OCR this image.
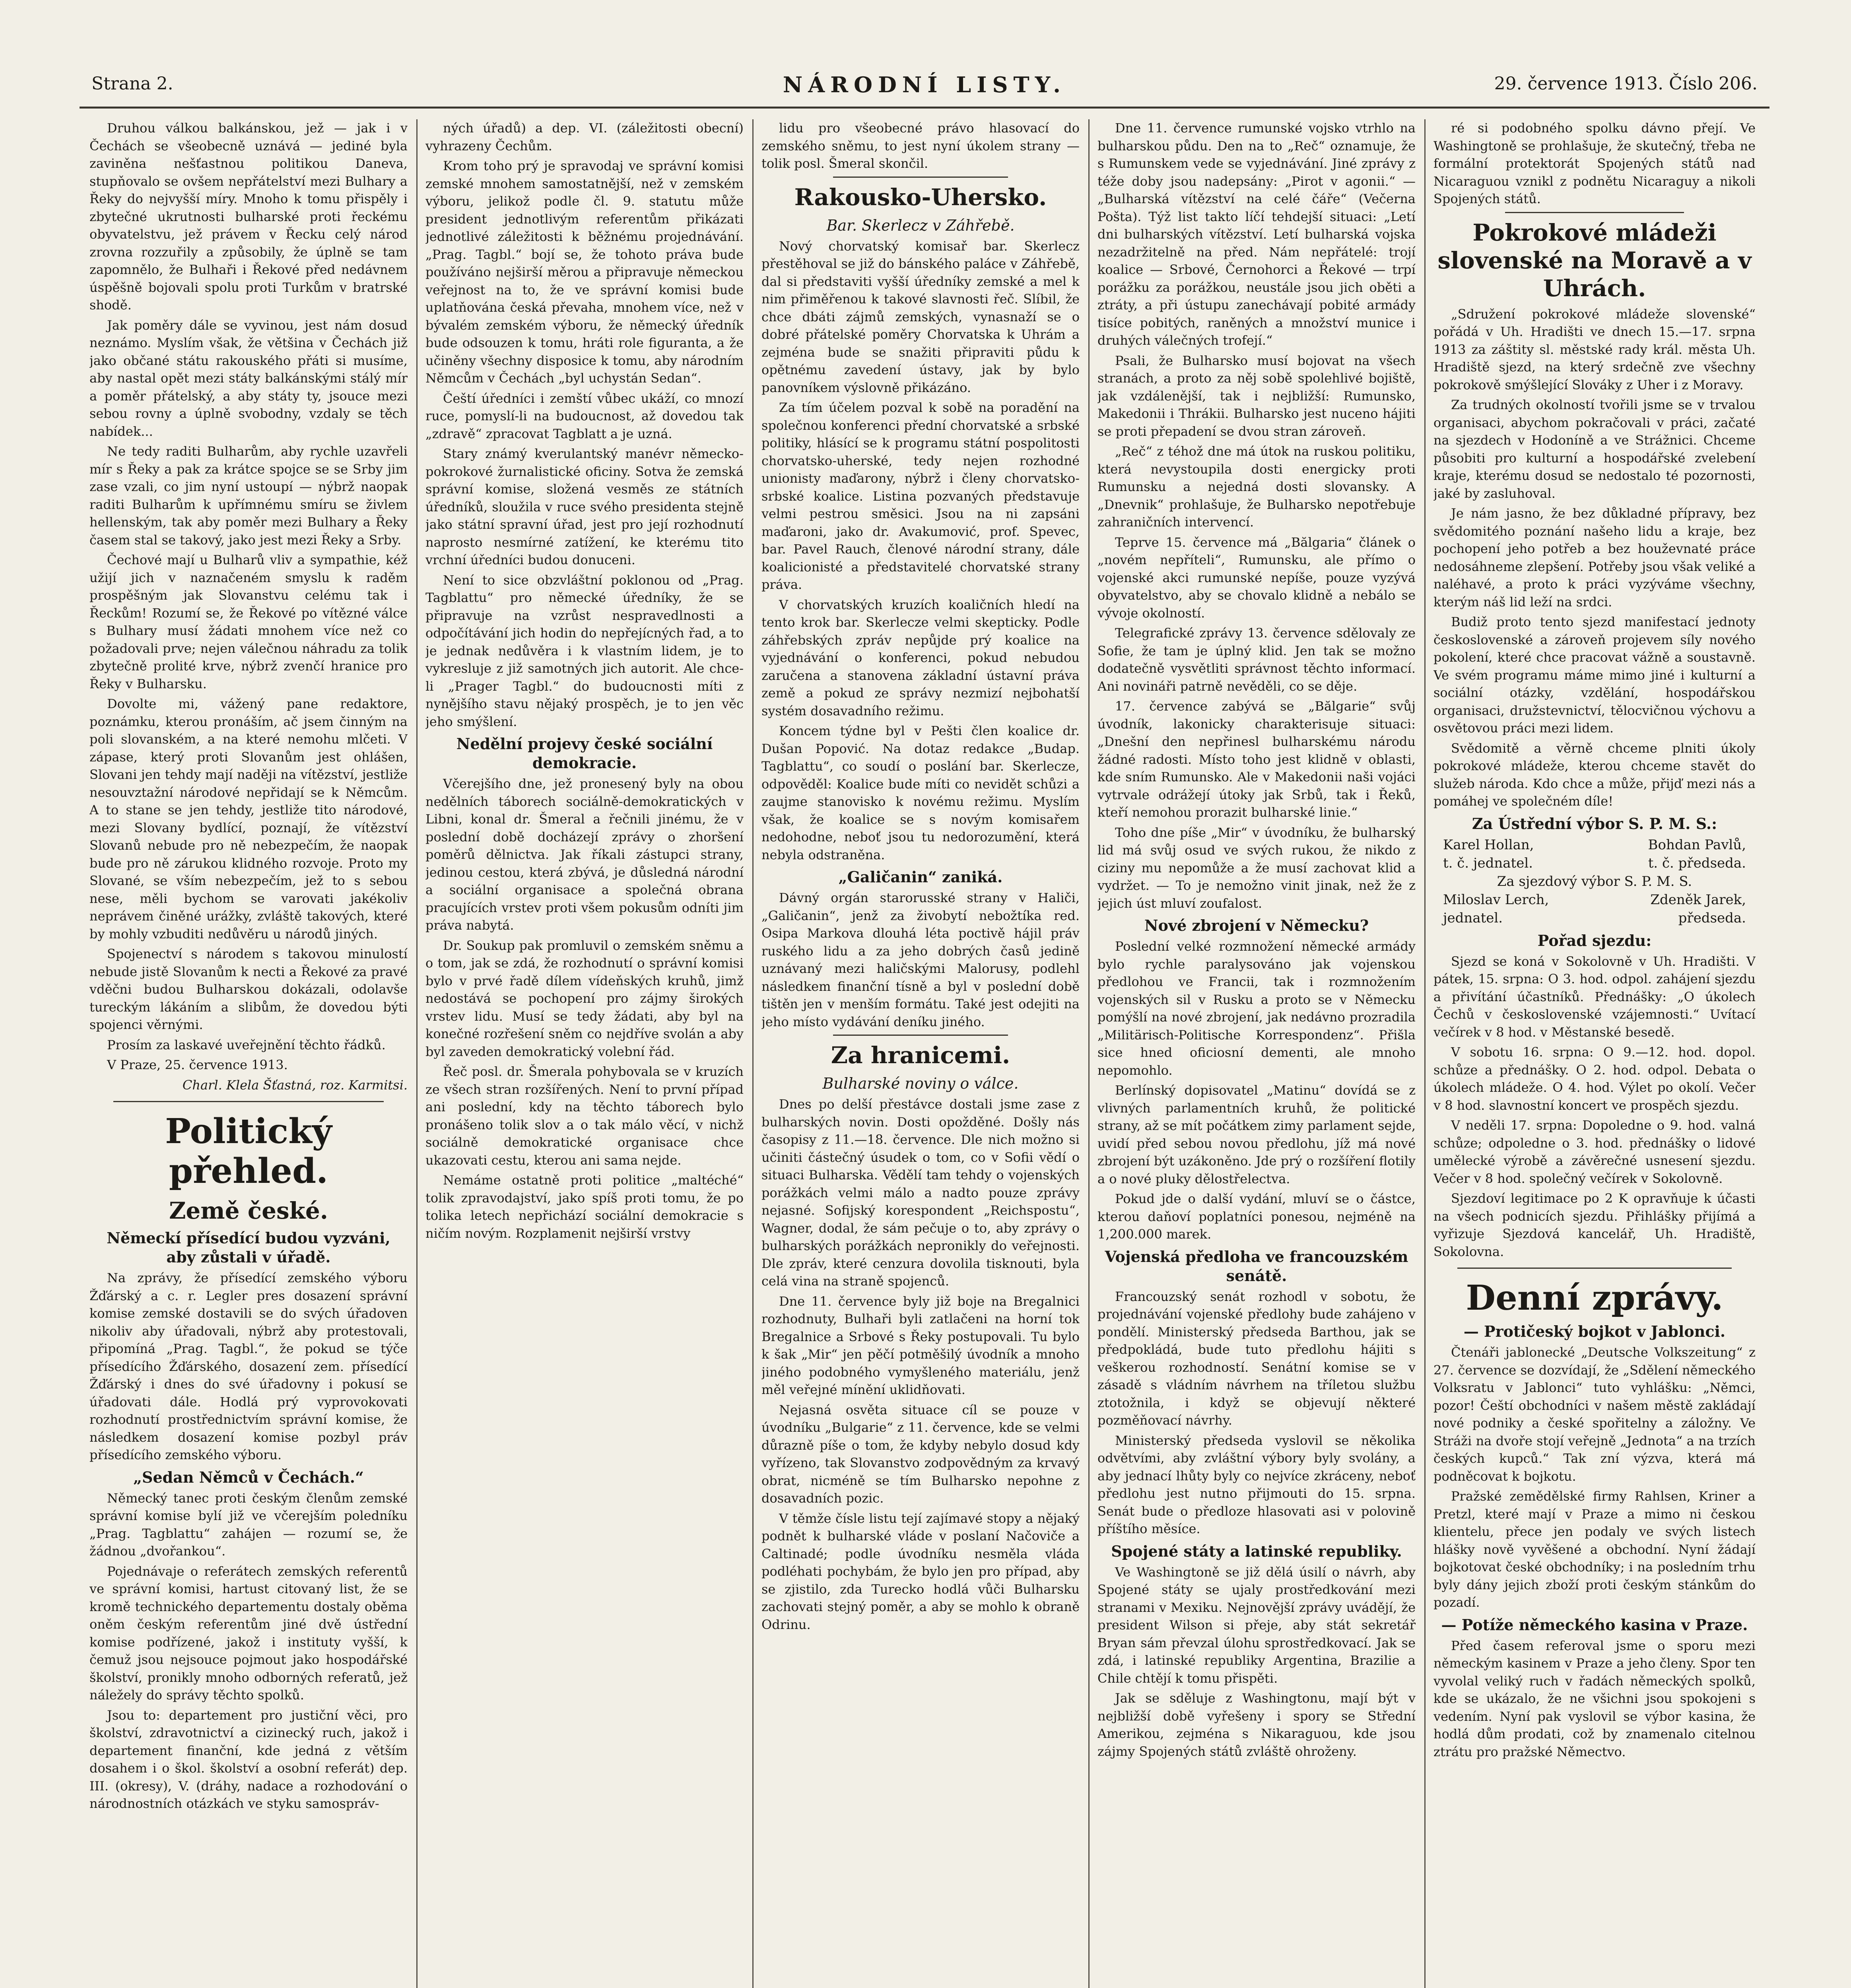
Strana 2.	NÁRODNÍ LISTY.	29. července 1913. Číslo 206.

Druhou válkou balkánskou, jež — jak i v Čechách se všeobecně uznává — jediné byla zaviněna nešťastnou politikou Daneva, stupňovalo se ovšem nepřátelství mezi Bulhary a Řeky do nejvyšší míry. Mnoho k tomu přispěly i zbytečné ukrutnosti bulharské proti řeckému obyvatelstvu, jež právem v Řecku celý národ zrovna rozzuřily a způsobily, že úplně se tam zapomnělo, že Bulhaři i Řekové před nedávnem úspěšně bojovali spolu proti Turkům v bratrské shodě.

Jak poměry dále se vyvinou, jest nám dosud neznámo. Myslím však, že většina v Čechách již jako občané státu rakouského přáti si musíme, aby nastal opět mezi státy balkánskými stálý mír a poměr přátelský, a aby státy ty, jsouce mezi sebou rovny a úplně svobodny, vzdaly se těch nabídek...

Ne tedy raditi Bulharům, aby rychle uzavřeli mír s Řeky a pak za krátce spojce se se Srby jim zase vzali, co jim nyní ustoupí — nýbrž naopak raditi Bulharům k upřímnému smíru se živlem hellenským, tak aby poměr mezi Bulhary a Řeky časem stal se takový, jako jest mezi Řeky a Srby.

Čechové mají u Bulharů vliv a sympathie, kéž užijí jich v naznačeném smyslu k raděm prospěšným jak Slovanstvu celému tak i Řeckům! Rozumí se, že Řekové po vítězné válce s Bulhary musí žádati mnohem více než co požadovali prve; nejen válečnou náhradu za tolik zbytečně prolité krve, nýbrž zvenčí hranice pro Řeky v Bulharsku.

Dovolte mi, vážený pane redaktore, poznámku, kterou pronáším, ač jsem činným na poli slovanském, a na které nemohu mlčeti. V zápase, který proti Slovanům jest ohlášen, Slovani jen tehdy mají naději na vítězství, jestliže nesouvztažní národové nepřidají se k Němcům. A to stane se jen tehdy, jestliže tito národové, mezi Slovany bydlící, poznají, že vítězství Slovanů nebude pro ně nebezpečím, že naopak bude pro ně zárukou klidného rozvoje. Proto my Slované, se vším nebezpečím, jež to s sebou nese, měli bychom se varovati jakékoliv neprávem činěné urážky, zvláště takových, které by mohly vzbuditi nedůvěru u národů jiných.

Spojenectví s národem s takovou minulostí nebude jistě Slovanům k necti a Řekové za pravé vděčni budou Bulharskou dokázali, odolavše tureckým lákáním a slibům, že dovedou býti spojenci věrnými.

Prosím za laskavé uveřejnění těchto řádků.

V Praze, 25. července 1913.

Charl. Klela Šťastná, roz. Karmitsi.
Politický přehled.
Země české.
Německí přísedící budou vyzváni, aby zůstali v úřadě.

Na zprávy, že přísedící zemského výboru Žďárský a c. r. Legler pres dosazení správní komise zemské dostavili se do svých úřadoven nikoliv aby úřadovali, nýbrž aby protestovali, připomíná „Prag. Tagbl.“, že pokud se týče přísedícího Žďárského, dosazení zem. přísedící Žďárský i dnes do své úřadovny i pokusí se úřadovati dále. Hodlá prý vyprovokovati rozhodnutí prostřednictvím správní komise, že následkem dosazení komise pozbyl práv přísedícího zemského výboru.

„Sedan Němců v Čechách.“

Německý tanec proti českým členům zemské správní komise bylí již ve včerejším poledníku „Prag. Tagblattu“ zahájen — rozumí se, že žádnou „dvořankou“.

Pojednávaje o referátech zemských referentů ve správní komisi, hartust citovaný list, že se kromě technického departementu dostaly oběma oněm českým referentům jiné dvě ústřední komise podřízené, jakož i instituty vyšší, k čemuž jsou nejsouce pojmout jako hospodářské školství, pronikly mnoho odborných referatů, jež náležely do správy těchto spolků.

Jsou to: departement pro justiční věci, pro školství, zdravotnictví a cizinecký ruch, jakož i departement finanční, kde jedná z větším dosahem i o škol. školství a osobní referát) dep. III. (okresy), V. (dráhy, nadace a rozhodování o národnostních otázkách ve styku samospráv-

ných úřadů) a dep. VI. (záležitosti obecní) vyhrazeny Čechům.

Krom toho prý je spravodaj ve správní komisi zemské mnohem samostatnější, než v zemském výboru, jelikož podle čl. 9. statutu může president jednotlivým referentům přikázati jednotlivé záležitosti k běžnému projednávání. „Prag. Tagbl.“ bojí se, že tohoto práva bude používáno nejširší měrou a připravuje německou veřejnost na to, že ve správní komisi bude uplatňována česká převaha, mnohem více, než v bývalém zemském výboru, že německý úředník bude odsouzen k tomu, hráti role figuranta, a že učiněny všechny disposice k tomu, aby národním Němcům v Čechách „byl uchystán Sedan“.

Čeští úředníci i zemští vůbec ukáží, co mnozí ruce, pomyslí-li na budoucnost, až dovedou tak „zdravě“ zpracovat Tagblatt a je uzná.

Stary známý kverulantský manévr německo-pokrokové žurnalistické oficiny. Sotva že zemská správní komise, složená vesměs ze státních úředníků, sloužila v ruce svého presidenta stejně jako státní spravní úřad, jest pro její rozhodnutí naprosto nesmírné zatížení, ke kterému tito vrchní úředníci budou donuceni.

Není to sice obzvláštní poklonou od „Prag. Tagblattu“ pro německé úředníky, že se připravuje na vzrůst nespravedlnosti a odpočítávání jich hodin do nepřejícných řad, a to je jednak nedůvěra i k vlastním lidem, je to vykresluje z již samotných jich autorit. Ale chce-li „Prager Tagbl.“ do budoucnosti míti z nynějšího stavu nějaký prospěch, je to jen věc jeho smýšlení.

Nedělní projevy české sociální demokracie.

Včerejšího dne, jež pronesený byly na obou nedělních táborech sociálně-demokratických v Libni, konal dr. Šmeral a řečnili jinému, že v poslední době docházejí zprávy o zhoršení poměrů dělnictva. Jak říkali zástupci strany, jedinou cestou, která zbývá, je důsledná národní a sociální organisace a společná obrana pracujících vrstev proti všem pokusům odníti jim práva nabytá.

Dr. Soukup pak promluvil o zemském sněmu a o tom, jak se zdá, že rozhodnutí o správní komisi bylo v prvé řadě dílem vídeňských kruhů, jimž nedostává se pochopení pro zájmy širokých vrstev lidu. Musí se tedy žádati, aby byl na konečné rozřešení sněm co nejdříve svolán a aby byl zaveden demokratický volební řád.

Řeč posl. dr. Šmerala pohybovala se v kruzích ze všech stran rozšířených. Není to první případ ani poslední, kdy na těchto táborech bylo pronášeno tolik slov a o tak málo věcí, v nichž sociálně demokratické organisace chce ukazovati cestu, kterou ani sama nejde.

Nemáme ostatně proti politice „maltéché“ tolik zpravodajství, jako spíš proti tomu, že po tolika letech nepřichází sociální demokracie s ničím novým. Rozplamenit nejširší vrstvy

lidu pro všeobecné právo hlasovací do zemského sněmu, to jest nyní úkolem strany — tolik posl. Šmeral skončil.

Rakousko-Uhersko.
Bar. Skerlecz v Záhřebě.

Nový chorvatský komisař bar. Skerlecz přestěhoval se již do bánského paláce v Záhřebě, dal si představiti vyšší úředníky zemské a mel k nim přiměřenou k takové slavnosti řeč. Slíbil, že chce dbáti zájmů zemských, vynasnaží se o dobré přátelské poměry Chorvatska k Uhrám a zejména bude se snažiti připraviti půdu k opětnému zavedení ústavy, jak by bylo panovníkem výslovně přikázáno.

Za tím účelem pozval k sobě na poradění na společnou konferenci přední chorvatské a srbské politiky, hlásící se k programu státní pospolitosti chorvatsko-uherské, tedy nejen rozhodné unionisty maďarony, nýbrž i členy chorvatsko-srbské koalice. Listina pozvaných představuje velmi pestrou směsici. Jsou na ni zapsáni maďaroni, jako dr. Avakumović, prof. Spevec, bar. Pavel Rauch, členové národní strany, dále koalicionisté a představitelé chorvatské strany práva.

V chorvatských kruzích koaličních hledí na tento krok bar. Skerlecze velmi skepticky. Podle záhřebských zpráv nepůjde prý koalice na vyjednávání o konferenci, pokud nebudou zaručena a stanovena základní ústavní práva země a pokud ze správy nezmizí nejbohatší systém dosavadního režimu.

Koncem týdne byl v Pešti člen koalice dr. Dušan Popović. Na dotaz redakce „Budap. Tagblattu“, co soudí o poslání bar. Skerlecze, odpověděl: Koalice bude míti co nevidět schůzi a zaujme stanovisko k novému režimu. Myslím však, že koalice se s novým komisařem nedohodne, neboť jsou tu nedorozumění, která nebyla odstraněna.

„Galičanin“ zaniká.

Dávný orgán starorusské strany v Haliči, „Galičanin“, jenž za živobytí nebožtíka red. Osipa Markova dlouhá léta poctivě hájil práv ruského lidu a za jeho dobrých časů jedině uznávaný mezi haličskými Malorusy, podlehl následkem finanční tísně a byl v poslední době tištěn jen v menším formátu. Také jest odejiti na jeho místo vydávání deníku jiného.

Za hranicemi.
Bulharské noviny o válce.

Dnes po delší přestávce dostali jsme zase z bulharských novin. Dosti opožděné. Došly nás časopisy z 11.—18. července. Dle nich možno si učiniti částečný úsudek o tom, co v Sofii vědí o situaci Bulharska. Vědělí tam tehdy o vojenských porážkách velmi málo a nadto pouze zprávy nejasné. Sofijský korespondent „Reichspostu“, Wagner, dodal, že sám pečuje o to, aby zprávy o bulharských porážkách nepronikly do veřejnosti. Dle zpráv, které cenzura dovolila tisknouti, byla celá vina na straně spojenců.

Dne 11. července byly již boje na Bregalnici rozhodnuty, Bulhaři byli zatlačeni na horní tok Bregalnice a Srbové s Řeky postupovali. Tu bylo k šak „Mir“ jen pěčí potměšilý úvodník a mnoho jiného podobného vymyšleného materiálu, jenž měl veřejné mínění uklidňovati.

Nejasná osvěta situace cíl se pouze v úvodníku „Bulgarie“ z 11. července, kde se velmi důrazně píše o tom, že kdyby nebylo dosud kdy vyřízeno, tak Slovanstvo zodpovědným za krvavý obrat, nicméně se tím Bulharsko nepohne z dosavadních pozic.

V těmže čísle listu tejí zajímavé stopy a nějaký podnět k bulharské vláde v poslaní Načoviče a Caltinadé; podle úvodníku nesměla vláda podléhati pochybám, že bylo jen pro případ, aby se zjistilo, zda Turecko hodlá vůči Bulharsku zachovati stejný poměr, a aby se mohlo k obraně Odrinu.

Dne 11. července rumunské vojsko vtrhlo na bulharskou půdu. Den na to „Reč“ oznamuje, že s Rumunskem vede se vyjednávání. Jiné zprávy z téže doby jsou nadepsány: „Pirot v agonii.“ — „Bulharská vítězství na celé čáře“ (Večerna Pošta). Týž list takto líčí tehdejší situaci: „Letí dni bulharských vítězství. Letí bulharská vojska nezadržitelně na před. Nám nepřátelé: trojí koalice — Srbové, Černohorci a Řekové — trpí porážku za porážkou, neustále jsou jich oběti a ztráty, a při ústupu zanechávají pobité armády tisíce pobitých, raněných a množství munice i druhých válečných trofejí.“

Psali, že Bulharsko musí bojovat na všech stranách, a proto za něj sobě spolehlivé bojiště, jak vzdálenější, tak i nejbližší: Rumunsko, Makedonii i Thrákii. Bulharsko jest nuceno hájiti se proti přepadení se dvou stran zároveň.

„Reč“ z téhož dne má útok na ruskou politiku, která nevystoupila dosti energicky proti Rumunsku a nejedná dosti slovansky. A „Dnevnik“ prohlašuje, že Bulharsko nepotřebuje zahraničních intervencí.

Teprve 15. července má „Bălgaria“ článek o „novém nepříteli“, Rumunsku, ale přímo o vojenské akci rumunské nepíše, pouze vyzývá obyvatelstvo, aby se chovalo klidně a nebálo se vývoje okolností.

Telegrafické zprávy 13. července sdělovaly ze Sofie, že tam je úplný klid. Jen tak se možno dodatečně vysvětliti správnost těchto informací. Ani novináři patrně nevěděli, co se děje.

17. července zabývá se „Bălgarie“ svůj úvodník, lakonicky charakterisuje situaci: „Dnešní den nepřinesl bulharskému národu žádné radosti. Místo toho jest klidně v oblasti, kde sním Rumunsko. Ale v Makedonii naši vojáci vytrvale odrážejí útoky jak Srbů, tak i Řeků, kteří nemohou prorazit bulharské linie.“

Toho dne píše „Mir“ v úvodníku, že bulharský lid má svůj osud ve svých rukou, že nikdo z ciziny mu nepomůže a že musí zachovat klid a vydržet. — To je nemožno vinit jinak, než že z jejich úst mluví zoufalost.

Nové zbrojení v Německu?

Poslední velké rozmnožení německé armády bylo rychle paralysováno jak vojenskou předlohou ve Francii, tak i rozmnožením vojenských sil v Rusku a proto se v Německu pomýšlí na nové zbrojení, jak nedávno prozradila „Militärisch-Politische Korrespondenz“. Přišla sice hned oficiosní dementi, ale mnoho nepomohlo.

Berlínský dopisovatel „Matinu“ dovídá se z vlivných parlamentních kruhů, že politické strany, až se mít počátkem zimy parlament sejde, uvidí před sebou novou předlohu, jíž má nové zbrojení být uzákoněno. Jde prý o rozšíření flotily a o nové pluky dělostřelectva.

Pokud jde o další vydání, mluví se o částce, kterou daňoví poplatníci ponesou, nejméně na 1,200.000 marek.

Vojenská předloha ve francouzském senátě.

Francouzský senát rozhodl v sobotu, že projednávání vojenské předlohy bude zahájeno v pondělí. Ministerský předseda Barthou, jak se předpokládá, bude tuto předlohu hájiti s veškerou rozhodností. Senátní komise se v zásadě s vládním návrhem na tříletou službu ztotožnila, i když se objevují některé pozměňovací návrhy.

Ministerský předseda vyslovil se několika odvětvími, aby zvláštní výbory byly svolány, a aby jednací lhůty byly co nejvíce zkráceny, neboť předlohu jest nutno přijmouti do 15. srpna. Senát bude o předloze hlasovati asi v polovině příštího měsíce.

Spojené státy a latinské republiky.

Ve Washingtoně se již dělá úsilí o návrh, aby Spojené státy se ujaly prostředkování mezi stranami v Mexiku. Nejnovější zprávy uvádějí, že president Wilson si přeje, aby stát sekretář Bryan sám převzal úlohu sprostředkovací. Jak se zdá, i latinské republiky Argentina, Brazilie a Chile chtějí k tomu přispěti.

Jak se sděluje z Washingtonu, mají být v nejbližší době vyřešeny i spory se Střední Amerikou, zejména s Nikaraguou, kde jsou zájmy Spojených států zvláště ohroženy.

ré si podobného spolku dávno přejí. Ve Washingtoně se prohlašuje, že skutečný, třeba ne formální protektorát Spojených států nad Nicaraguou vznikl z podnětu Nicaraguy a nikoli Spojených států.

Pokrokové mládeži slovenské na Moravě a v Uhrách.

„Sdružení pokrokové mládeže slovenské“ pořádá v Uh. Hradišti ve dnech 15.—17. srpna 1913 za záštity sl. městské rady král. města Uh. Hradiště sjezd, na který srdečně zve všechny pokrokově smýšlející Slováky z Uher i z Moravy.

Za trudných okolností tvořili jsme se v trvalou organisaci, abychom pokračovali v práci, začaté na sjezdech v Hodoníně a ve Strážnici. Chceme působiti pro kulturní a hospodářské zvelebení kraje, kterému dosud se nedostalo té pozornosti, jaké by zasluhoval.

Je nám jasno, že bez důkladné přípravy, bez svědomitého poznání našeho lidu a kraje, bez pochopení jeho potřeb a bez houževnaté práce nedosáhneme zlepšení. Potřeby jsou však veliké a naléhavé, a proto k práci vyzýváme všechny, kterým náš lid leží na srdci.

Budiž proto tento sjezd manifestací jednoty československé a zároveň projevem síly nového pokolení, které chce pracovat vážně a soustavně. Ve svém programu máme mimo jiné i kulturní a sociální otázky, vzdělání, hospodářskou organisaci, družstevnictví, tělocvičnou výchovu a osvětovou práci mezi lidem.

Svědomitě a věrně chceme plniti úkoly pokrokové mládeže, kterou chceme stavět do služeb národa. Kdo chce a může, přijď mezi nás a pomáhej ve společném díle!

Za Ústřední výbor S. P. M. S.:
Karel Hollan,	Bohdan Pavlů,
t. č. jednatel.	t. č. předseda.
Za sjezdový výbor S. P. M. S.
Miloslav Lerch,	Zdeněk Jarek,
jednatel.	předseda.
Pořad sjezdu:

Sjezd se koná v Sokolovně v Uh. Hradišti. V pátek, 15. srpna: O 3. hod. odpol. zahájení sjezdu a přivítání účastníků. Přednášky: „O úkolech Čechů v československé vzájemnosti.“ Uvítací večírek v 8 hod. v Městanské besedě.

V sobotu 16. srpna: O 9.—12. hod. dopol. schůze a přednášky. O 2. hod. odpol. Debata o úkolech mládeže. O 4. hod. Výlet po okolí. Večer v 8 hod. slavnostní koncert ve prospěch sjezdu.

V neděli 17. srpna: Dopoledne o 9. hod. valná schůze; odpoledne o 3. hod. přednášky o lidové umělecké výrobě a závěrečné usnesení sjezdu. Večer v 8 hod. společný večírek v Sokolovně.

Sjezdoví legitimace po 2 K opravňuje k účasti na všech podnicích sjezdu. Přihlášky přijímá a vyřizuje Sjezdová kancelář, Uh. Hradiště, Sokolovna.

Denní zprávy.
— Protičeský bojkot v Jablonci.

Čtenáři jablonecké „Deutsche Volkszeitung“ z 27. července se dozvídají, že „Sdělení německého Volksratu v Jablonci“ tuto vyhlášku: „Němci, pozor! Čeští obchodníci v našem městě zakládají nové podniky a české spořitelny a záložny. Ve Stráži na dvoře stojí veřejně „Jednota“ a na trzích českých kupců.“ Tak zní výzva, která má podněcovat k bojkotu.

Pražské zemědělské firmy Rahlsen, Kriner a Pretzl, které mají v Praze a mimo ni českou klientelu, přece jen podaly ve svých listech hlášky nově vyvěšené a obchodní. Nyní žádají bojkotovat české obchodníky; i na posledním trhu byly dány jejich zboží proti českým stánkům do pozadí.

— Potíže německého kasina v Praze.

Před časem referoval jsme o sporu mezi německým kasinem v Praze a jeho členy. Spor ten vyvolal veliký ruch v řadách německých spolků, kde se ukázalo, že ne všichni jsou spokojeni s vedením. Nyní pak vyslovil se výbor kasina, že hodlá dům prodati, což by znamenalo citelnou ztrátu pro pražské Němectvo.
